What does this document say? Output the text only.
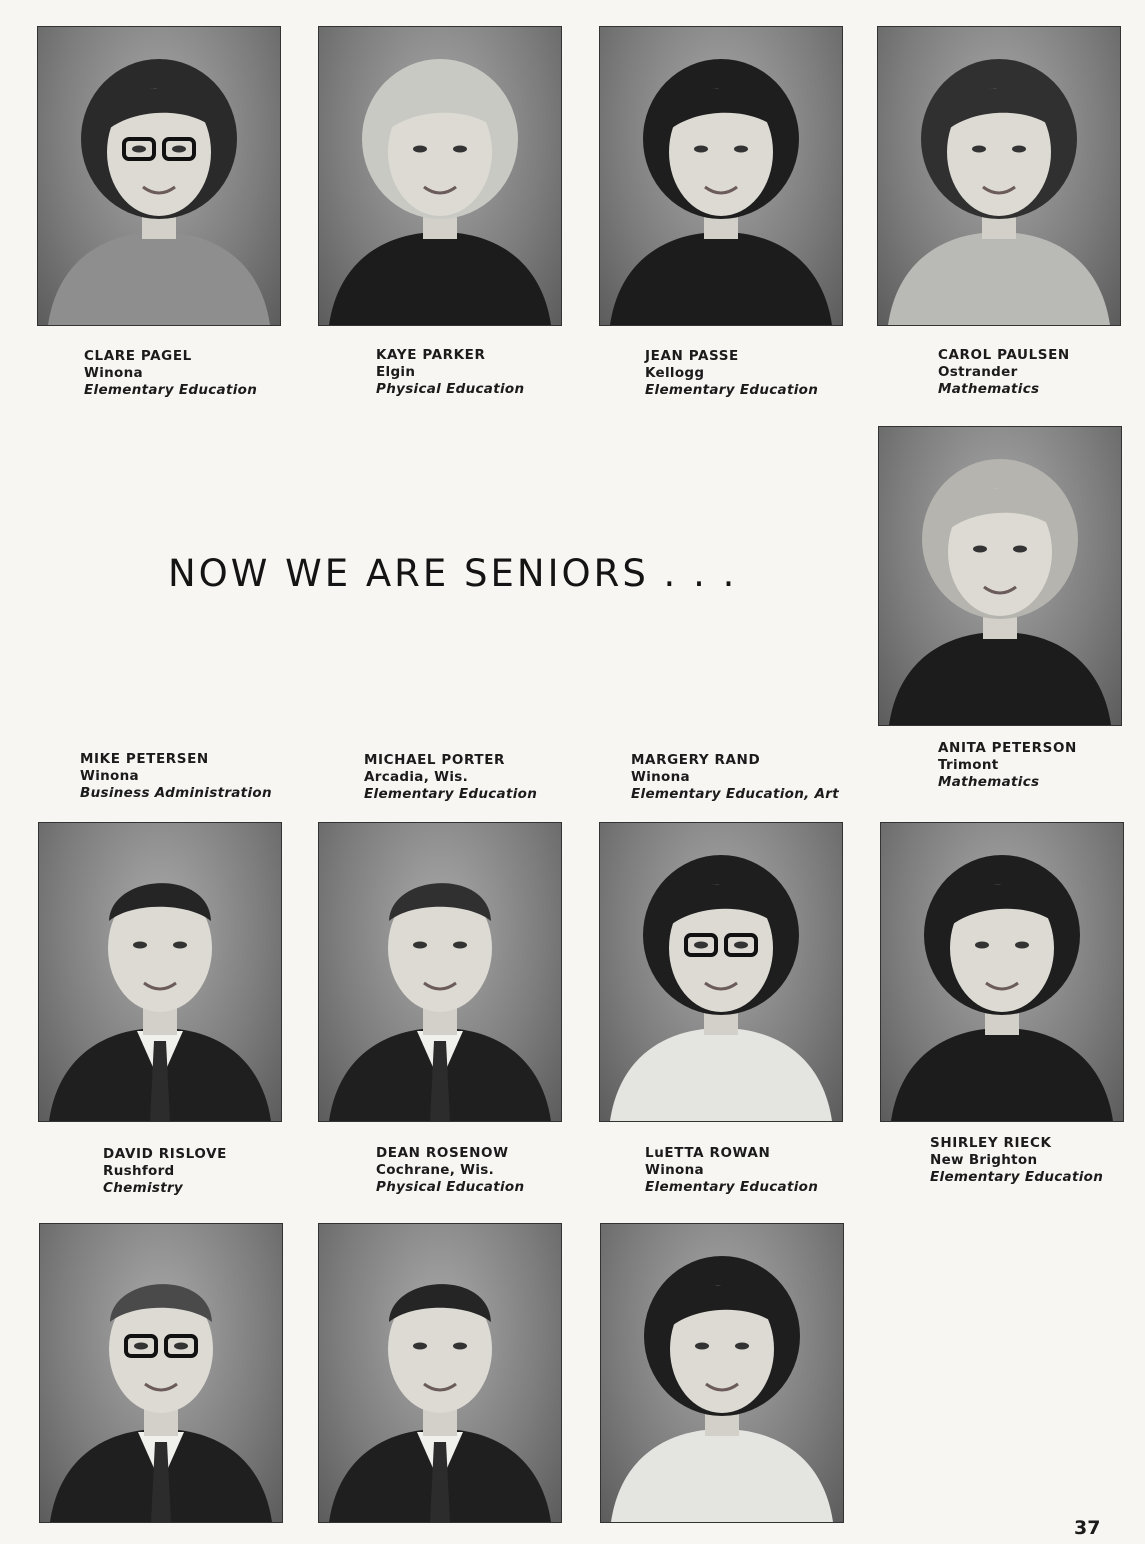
NOW WE ARE SENIORS . . .
CLARE PAGEL
Winona
Elementary Education
KAYE PARKER
Elgin
Physical Education
JEAN PASSE
Kellogg
Elementary Education
CAROL PAULSEN
Ostrander
Mathematics
ANITA PETERSON
Trimont
Mathematics
MIKE PETERSEN
Winona
Business Administration
MICHAEL PORTER
Arcadia, Wis.
Elementary Education
MARGERY RAND
Winona
Elementary Education, Art
SHIRLEY RIECK
New Brighton
Elementary Education
DAVID RISLOVE
Rushford
Chemistry
DEAN ROSENOW
Cochrane, Wis.
Physical Education
LuETTA ROWAN
Winona
Elementary Education
37
